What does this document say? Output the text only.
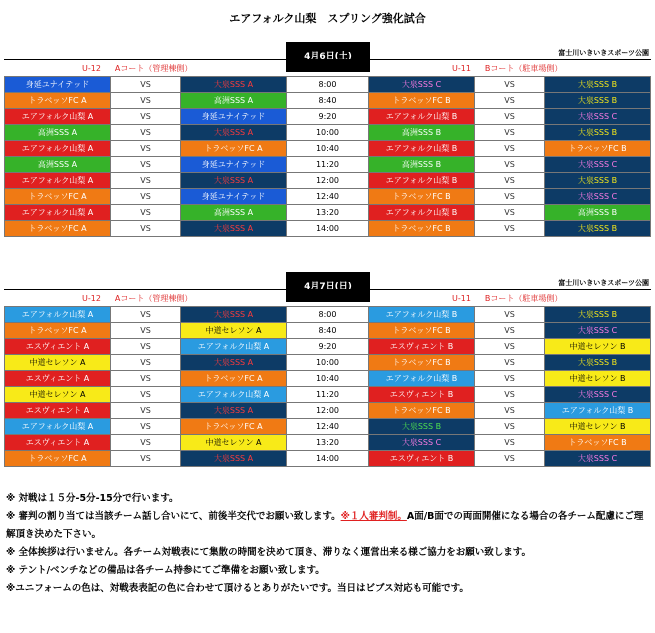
エアフォルク山梨　スプリング強化試合
4月6日(土)	富士川いきいきスポーツ公園
U-12 Aコート（管理棟側）	U-11 Bコート（駐車場側）
身延ユナイテッド	VS	大泉SSS A	8:00	大泉SSS C	VS	大泉SSS B
トラベッソFC A	VS	高洲SSS A	8:40	トラベッソFC B	VS	大泉SSS B
エアフォルク山梨 A	VS	身延ユナイテッド	9:20	エアフォルク山梨 B	VS	大泉SSS C
高洲SSS A	VS	大泉SSS A	10:00	高洲SSS B	VS	大泉SSS B
エアフォルク山梨 A	VS	トラベッソFC A	10:40	エアフォルク山梨 B	VS	トラベッソFC B
高洲SSS A	VS	身延ユナイテッド	11:20	高洲SSS B	VS	大泉SSS C
エアフォルク山梨 A	VS	大泉SSS A	12:00	エアフォルク山梨 B	VS	大泉SSS B
トラベッソFC A	VS	身延ユナイテッド	12:40	トラベッソFC B	VS	大泉SSS C
エアフォルク山梨 A	VS	高洲SSS A	13:20	エアフォルク山梨 B	VS	高洲SSS B
トラベッソFC A	VS	大泉SSS A	14:00	トラベッソFC B	VS	大泉SSS B
4月7日(日)	富士川いきいきスポーツ公園
U-12 Aコート（管理棟側）	U-11 Bコート（駐車場側）
エアフォルク山梨 A	VS	大泉SSS A	8:00	エアフォルク山梨 B	VS	大泉SSS B
トラベッソFC A	VS	中道セレソン A	8:40	トラベッソFC B	VS	大泉SSS C
エスヴィエント A	VS	エアフォルク山梨 A	9:20	エスヴィエント B	VS	中道セレソン B
中道セレソン A	VS	大泉SSS A	10:00	トラベッソFC B	VS	大泉SSS B
エスヴィエント A	VS	トラベッソFC A	10:40	エアフォルク山梨 B	VS	中道セレソン B
中道セレソン A	VS	エアフォルク山梨 A	11:20	エスヴィエント B	VS	大泉SSS C
エスヴィエント A	VS	大泉SSS A	12:00	トラベッソFC B	VS	エアフォルク山梨 B
エアフォルク山梨 A	VS	トラベッソFC A	12:40	大泉SSS B	VS	中道セレソン B
エスヴィエント A	VS	中道セレソン A	13:20	大泉SSS C	VS	トラベッソFC B
トラベッソFC A	VS	大泉SSS A	14:00	エスヴィエント B	VS	大泉SSS C
※ 対戦は１５分-5分-15分で行います。
※ 審判の割り当ては当該チーム話し合いにて、前後半交代でお願い致します。※１人審判制。A面/B面での両面開催になる場合の各チーム配慮にご理解頂き決めた下さい。
※ 全体挨拶は行いません。各チーム対戦表にて集散の時間を決めて頂き、滞りなく運営出来る様ご協力をお願い致します。
※ テント/ベンチなどの備品は各チーム持参にてご準備をお願い致します。
※ユニフォームの色は、対戦表表記の色に合わせて頂けるとありがたいです。当日はビブス対応も可能です。
